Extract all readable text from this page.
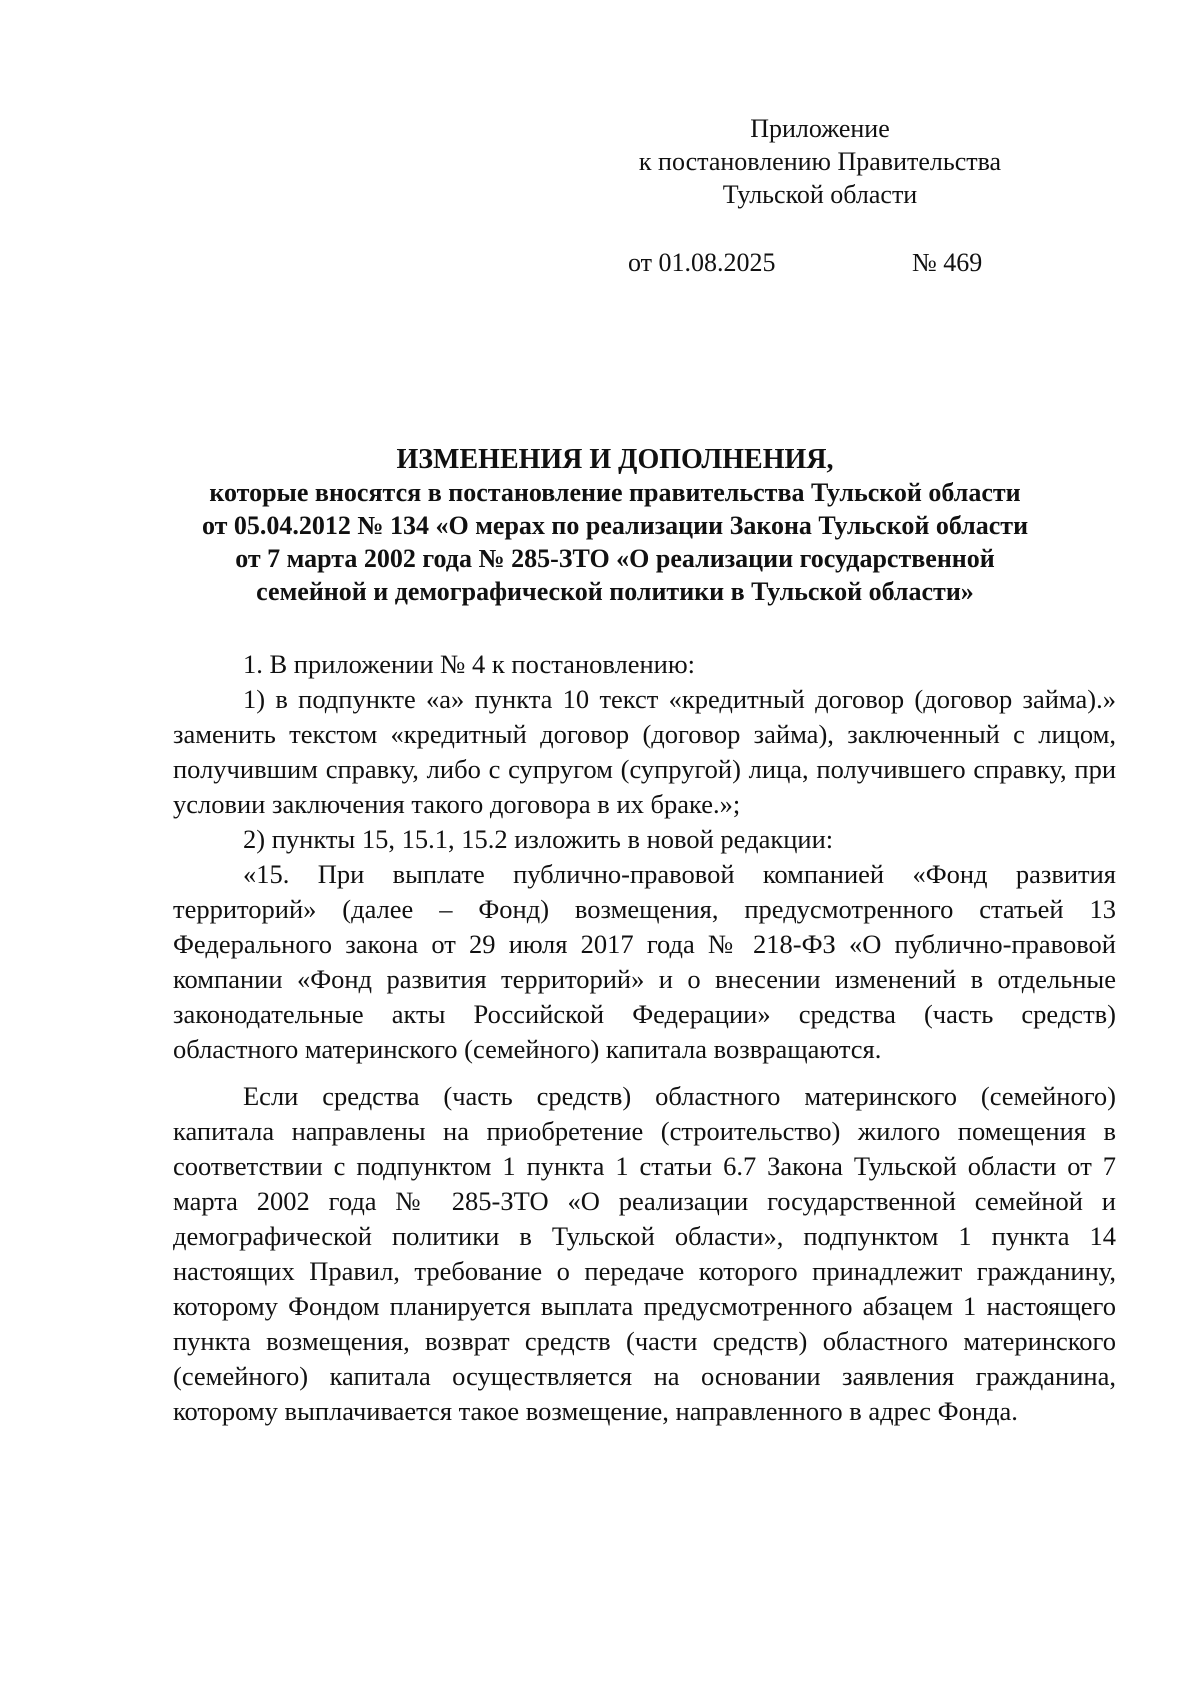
Приложение
к постановлению Правительства
Тульской области
от 01.08.2025	№ 469
ИЗМЕНЕНИЯ И ДОПОЛНЕНИЯ,
которые вносятся в постановление правительства Тульской области
от 05.04.2012 № 134 «О мерах по реализации Закона Тульской области
от 7 марта 2002 года № 285-ЗТО «О реализации государственной
семейной и демографической политики в Тульской области»

1. В приложении № 4 к постановлению:

1) в подпункте «а» пункта 10 текст «кредитный договор (договор займа).» заменить текстом «кредитный договор (договор займа), заключенный с лицом, получившим справку, либо с супругом (супругой) лица, получившего справку, при условии заключения такого договора в их браке.»;

2) пункты 15, 15.1, 15.2 изложить в новой редакции:

«15. При выплате публично-правовой компанией «Фонд развития территорий» (далее – Фонд) возмещения, предусмотренного статьей 13 Федерального закона от 29 июля 2017 года № 218-ФЗ «О публично-правовой компании «Фонд развития территорий» и о внесении изменений в отдельные законодательные акты Российской Федерации» средства (часть средств) областного материнского (семейного) капитала возвращаются.

Если средства (часть средств) областного материнского (семейного) капитала направлены на приобретение (строительство) жилого помещения в соответствии с подпунктом 1 пункта 1 статьи 6.7 Закона Тульской области от 7 марта 2002 года № 285-ЗТО «О реализации государственной семейной и демографической политики в Тульской области», подпунктом 1 пункта 14 настоящих Правил, требование о передаче которого принадлежит гражданину, которому Фондом планируется выплата предусмотренного абзацем 1 настоящего пункта возмещения, возврат средств (части средств) областного материнского (семейного) капитала осуществляется на основании заявления гражданина, которому выплачивается такое возмещение, направленного в адрес Фонда.
